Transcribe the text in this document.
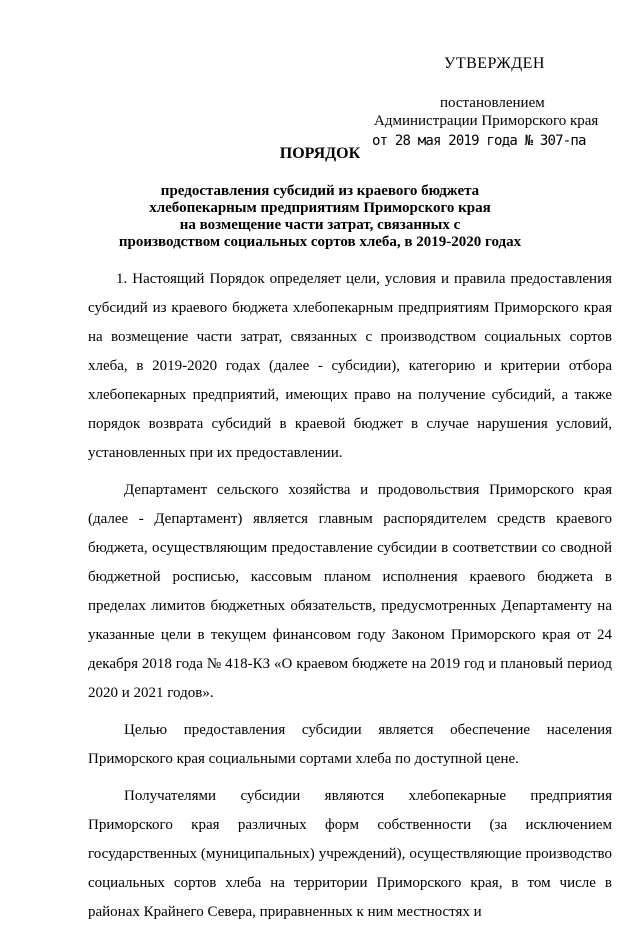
УТВЕРЖДЕН
постановлением
Администрации Приморского края
от 28 мая 2019 года № 307-па
ПОРЯДОК
предоставления субсидий из краевого бюджета
хлебопекарным предприятиям Приморского края
на возмещение части затрат, связанных с
производством социальных сортов хлеба, в 2019-2020 годах

1. Настоящий Порядок определяет цели, условия и правила предоставления субсидий из краевого бюджета хлебопекарным предприятиям Приморского края на возмещение части затрат, связанных с производством социальных сортов хлеба, в 2019-2020 годах (далее - субсидии), категорию и критерии отбора хлебопекарных предприятий, имеющих право на получение субсидий, а также порядок возврата субсидий в краевой бюджет в случае нарушения условий, установленных при их предоставлении.

Департамент сельского хозяйства и продовольствия Приморского края (далее - Департамент) является главным распорядителем средств краевого бюджета, осуществляющим предоставление субсидии в соответствии со сводной бюджетной росписью, кассовым планом исполнения краевого бюджета в пределах лимитов бюджетных обязательств, предусмотренных Департаменту на указанные цели в текущем финансовом году Законом Приморского края от 24 декабря 2018 года № 418-КЗ «О краевом бюджете на 2019 год и плановый период 2020 и 2021 годов».

Целью предоставления субсидии является обеспечение населения Приморского края социальными сортами хлеба по доступной цене.

Получателями субсидии являются хлебопекарные предприятия Приморского края различных форм собственности (за исключением государственных (муниципальных) учреждений), осуществляющие производство социальных сортов хлеба на территории Приморского края, в том числе в районах Крайнего Севера, приравненных к ним местностях и
